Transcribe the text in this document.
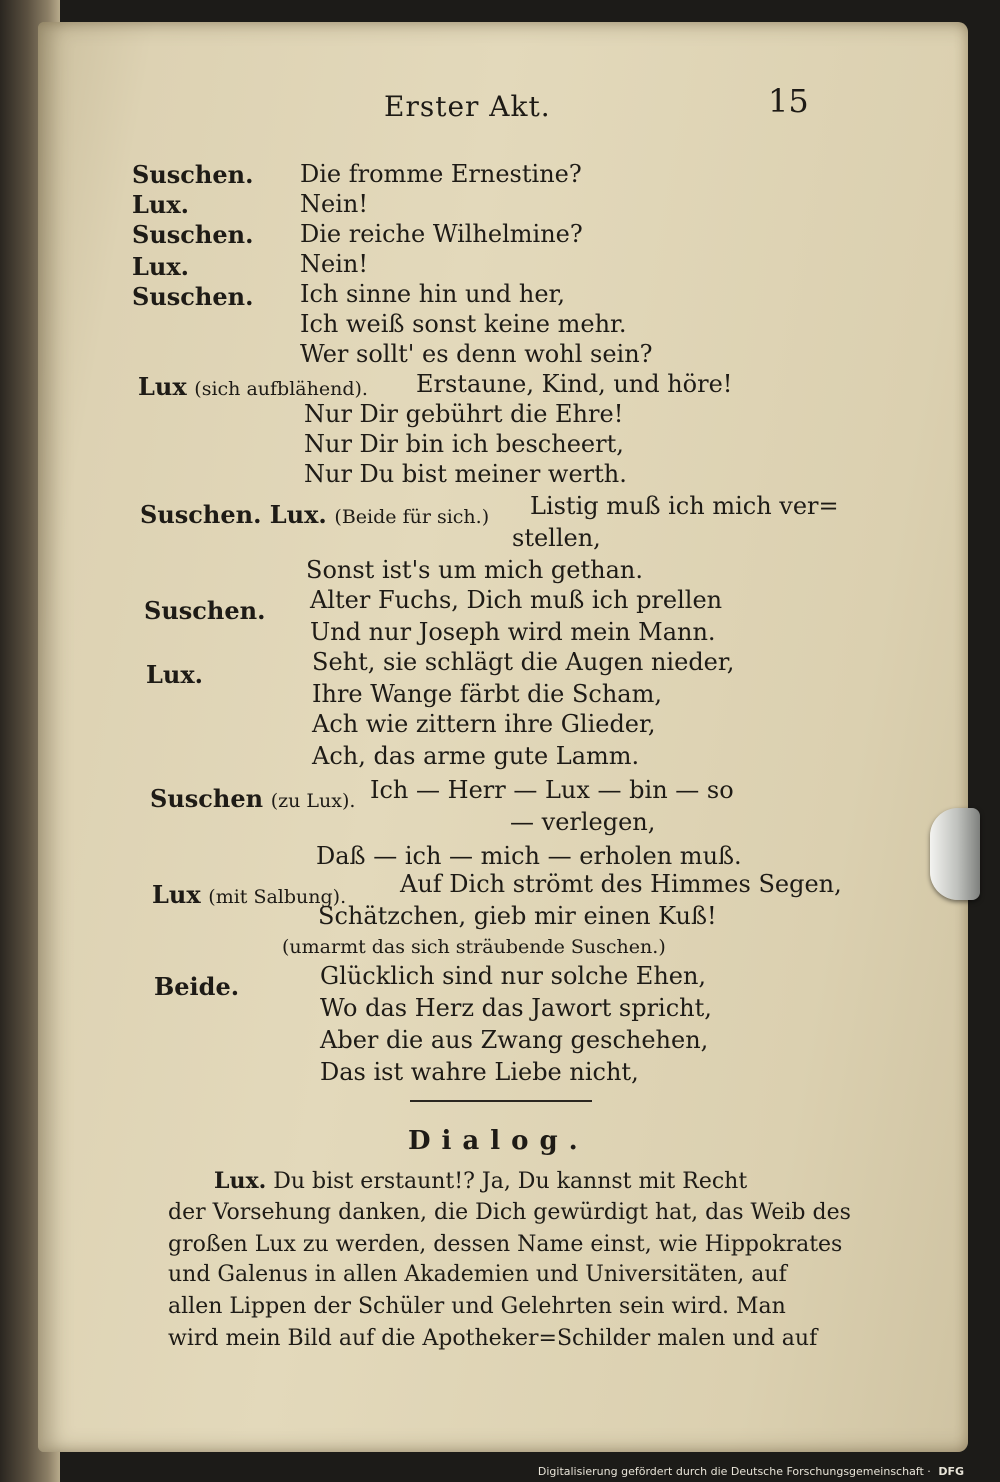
Erster Akt.	15
Suschen. Die fromme Ernestine?
Lux.	Nein!
Suschen. Die reiche Wilhelmine?
Lux.	Nein!
Suschen. Ich sinne hin und her,
Ich weiß sonst keine mehr.
Wer sollt' es denn wohl sein?
Lux (sich aufblähend). Erstaune, Kind, und höre!
Nur Dir gebührt die Ehre!
Nur Dir bin ich bescheert,
Nur Du bist meiner werth.
Suschen. Lux. (Beide für sich.) Listig muß ich mich ver=
stellen,
Sonst ist's um mich gethan.
Suschen. Alter Fuchs, Dich muß ich prellen
Und nur Joseph wird mein Mann.
Lux.	Seht, sie schlägt die Augen nieder,
Ihre Wange färbt die Scham,
Ach wie zittern ihre Glieder,
Ach, das arme gute Lamm.
Suschen (zu Lux). Ich — Herr — Lux — bin — so
— verlegen,
Daß — ich — mich — erholen muß.
Lux (mit Salbung). Auf Dich strömt des Himmes Segen,
Schätzchen, gieb mir einen Kuß!
(umarmt das sich sträubende Suschen.)
Beide.	Glücklich sind nur solche Ehen,
Wo das Herz das Jawort spricht,
Aber die aus Zwang geschehen,
Das ist wahre Liebe nicht,
Dialog.
Lux. Du bist erstaunt!? Ja, Du kannst mit Recht
der Vorsehung danken, die Dich gewürdigt hat, das Weib des
großen Lux zu werden, dessen Name einst, wie Hippokrates
und Galenus in allen Akademien und Universitäten, auf
allen Lippen der Schüler und Gelehrten sein wird. Man
wird mein Bild auf die Apotheker=Schilder malen und auf
Digitalisierung gefördert durch die Deutsche Forschungsgemeinschaft · DFG
